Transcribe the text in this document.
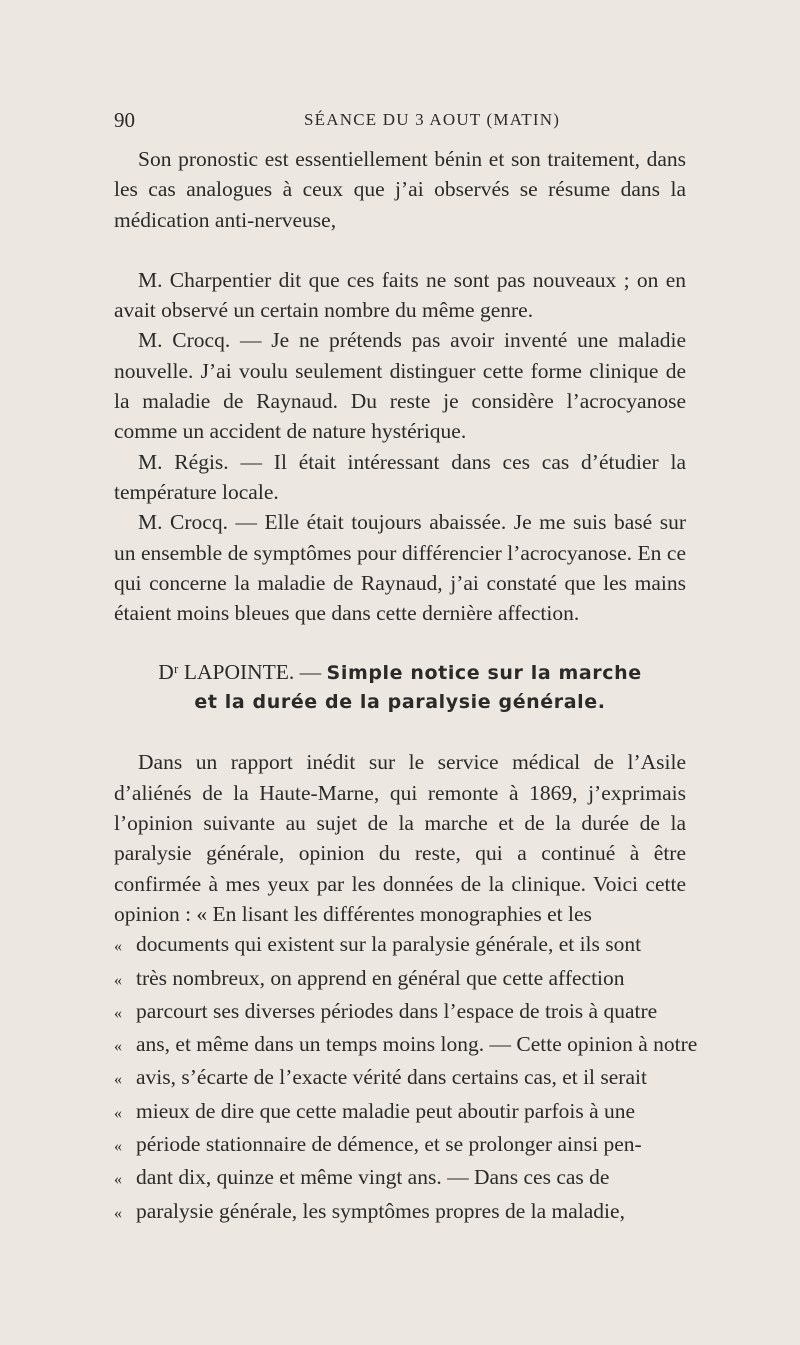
90	SÉANCE DU 3 AOUT (MATIN)

Son pronostic est essentiellement bénin et son traitement, dans les cas analogues à ceux que j’ai observés se résume dans la médication anti-nerveuse,

M. Charpentier dit que ces faits ne sont pas nouveaux ; on en avait observé un certain nombre du même genre.

M. Crocq. — Je ne prétends pas avoir inventé une maladie nouvelle. J’ai voulu seulement distinguer cette forme clinique de la maladie de Raynaud. Du reste je considère l’acrocyanose comme un accident de nature hystérique.

M. Régis. — Il était intéressant dans ces cas d’étudier la température locale.

M. Crocq. — Elle était toujours abaissée. Je me suis basé sur un ensemble de symptômes pour différencier l’acrocyanose. En ce qui concerne la maladie de Raynaud, j’ai constaté que les mains étaient moins bleues que dans cette dernière affection.

Dʳ LAPOINTE. — Simple notice sur la marche
et la durée de la paralysie générale.

Dans un rapport inédit sur le service médical de l’Asile d’aliénés de la Haute-Marne, qui remonte à 1869, j’exprimais l’opinion suivante au sujet de la marche et de la durée de la paralysie générale, opinion du reste, qui a continué à être confirmée à mes yeux par les données de la clinique. Voici cette opinion : « En lisant les différentes monographies et les

« documents qui existent sur la paralysie générale, et ils sont
« très nombreux, on apprend en général que cette affection
« parcourt ses diverses périodes dans l’espace de trois à quatre
« ans, et même dans un temps moins long. — Cette opinion à notre
« avis, s’écarte de l’exacte vérité dans certains cas, et il serait
« mieux de dire que cette maladie peut aboutir parfois à une
« période stationnaire de démence, et se prolonger ainsi pen-
« dant dix, quinze et même vingt ans. — Dans ces cas de
« paralysie générale, les symptômes propres de la maladie,
